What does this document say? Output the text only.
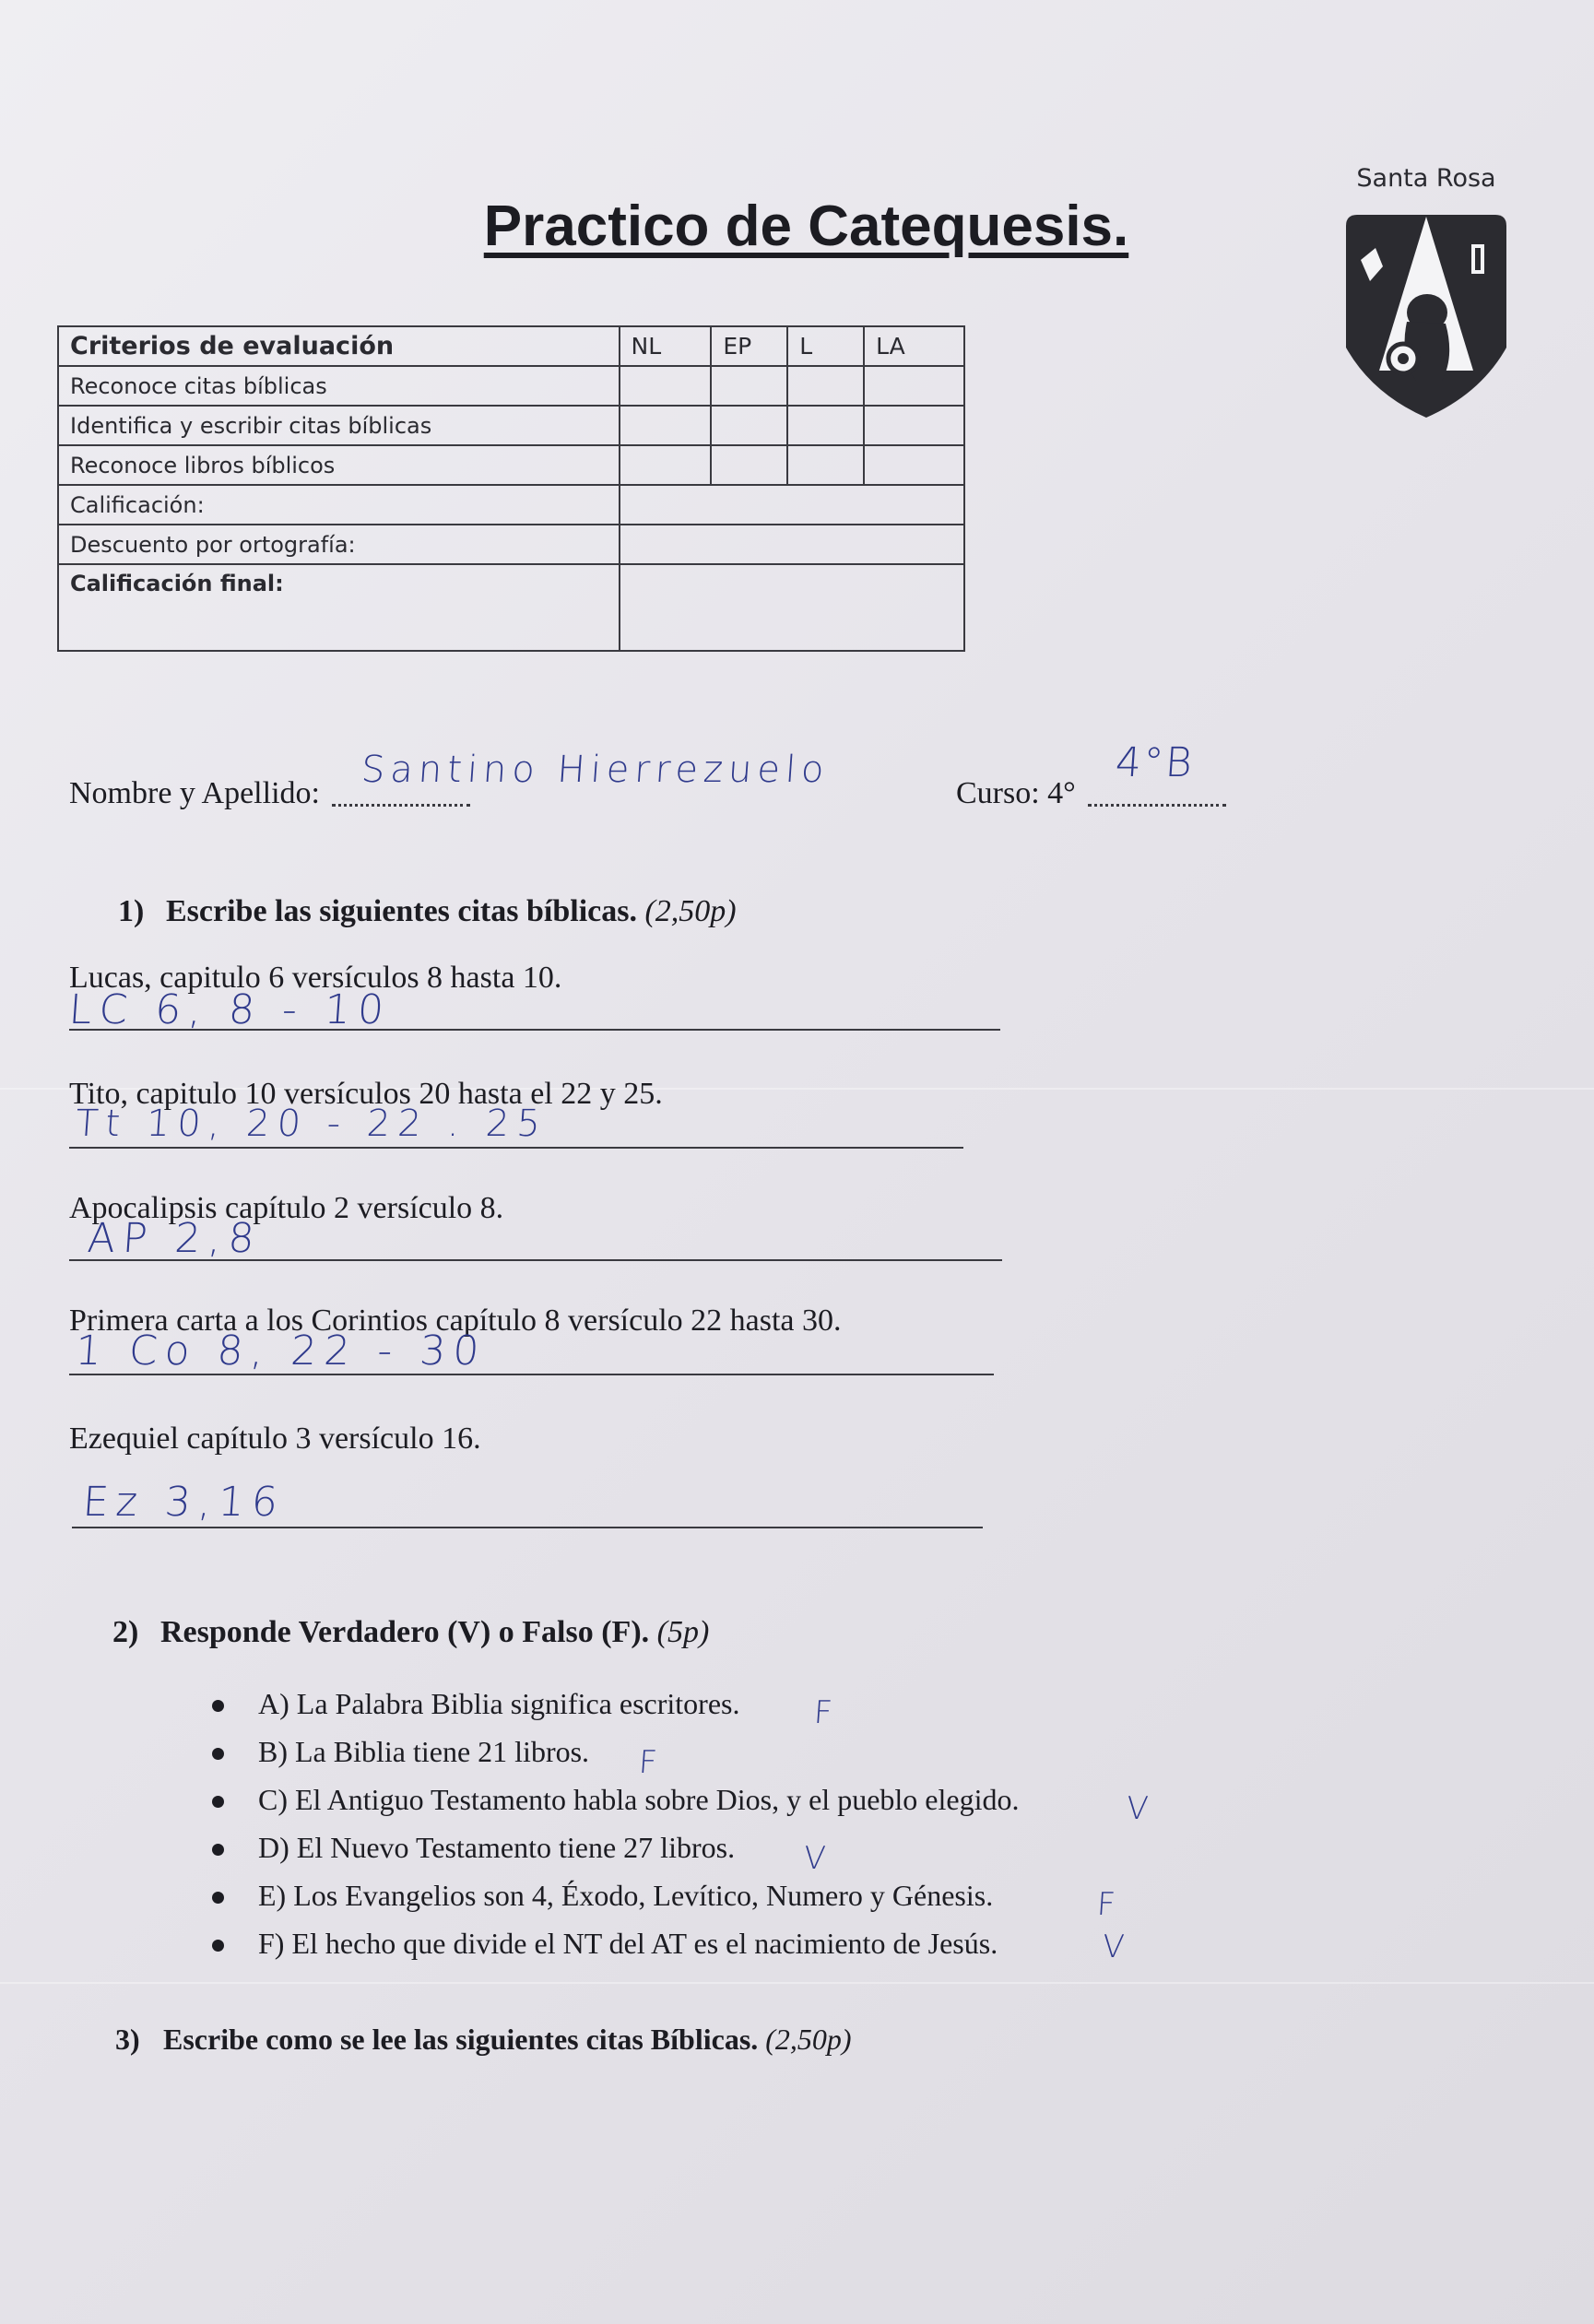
Santa Rosa
Practico de Catequesis.
Criterios de evaluación	NL	EP	L	LA
Reconoce citas bíblicas				
Identifica y escribir citas bíblicas				
Reconoce libros bíblicos				
Calificación:				
Descuento por ortografía:				
Calificación final:				
Nombre y Apellido:
Santino Hierrezuelo
Curso: 4°
4°B
1) Escribe las siguientes citas bíblicas. (2,50p)
Lucas, capitulo 6 versículos 8 hasta 10.
LC 6, 8 - 10
Tito, capitulo 10 versículos 20 hasta el 22 y 25.
Tt 10, 20 - 22 . 25
Apocalipsis capítulo 2 versículo 8.
AP 2,8
Primera carta a los Corintios capítulo 8 versículo 22 hasta 30.
1 Co 8, 22 - 30
Ezequiel capítulo 3 versículo 16.
Ez 3,16
2) Responde Verdadero (V) o Falso (F). (5p)
A) La Palabra Biblia significa escritores.
B) La Biblia tiene 21 libros.
C) El Antiguo Testamento habla sobre Dios, y el pueblo elegido.
D) El Nuevo Testamento tiene 27 libros.
E) Los Evangelios son 4, Éxodo, Levítico, Numero y Génesis.
F) El hecho que divide el NT del AT es el nacimiento de Jesús.
F
F
V
V
F
V
3) Escribe como se lee las siguientes citas Bíblicas. (2,50p)
